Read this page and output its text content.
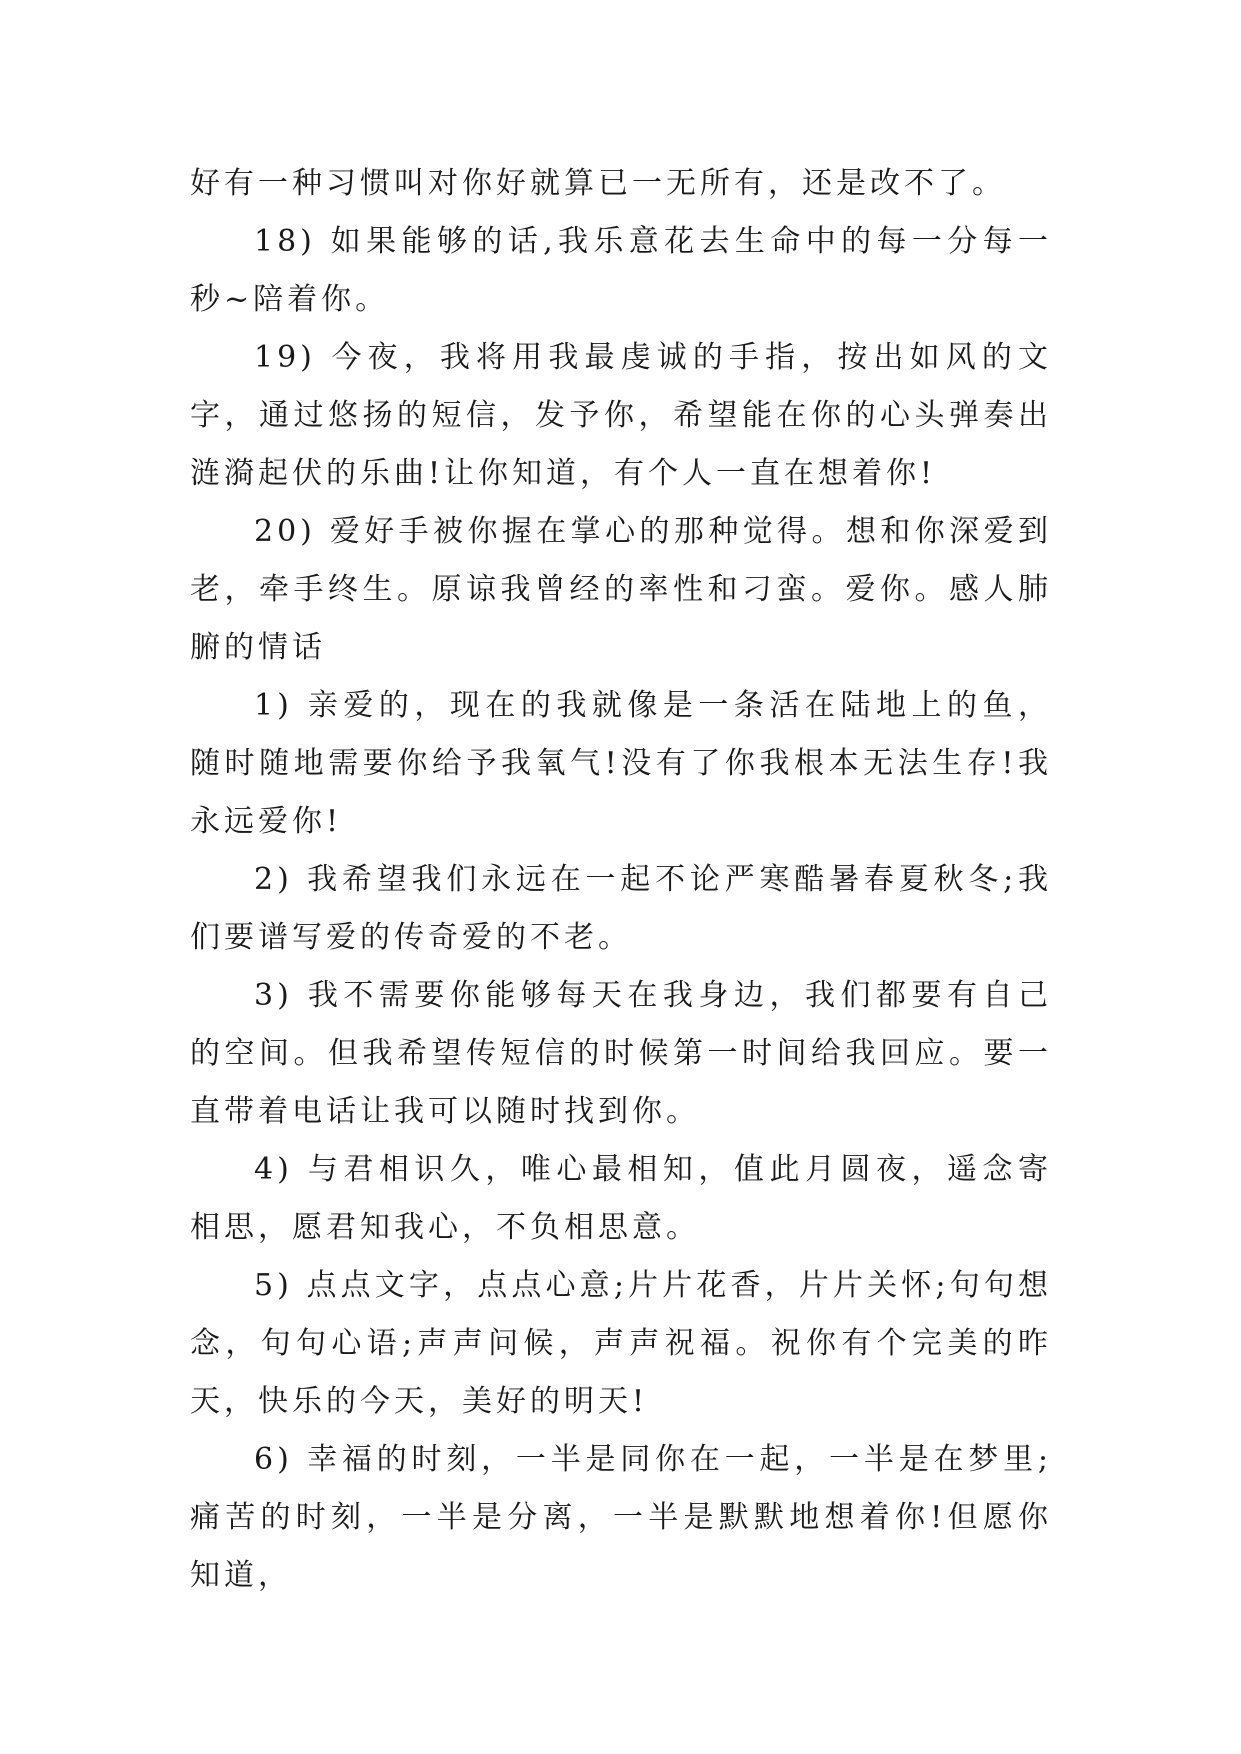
好有一种习惯叫对你好就算已一无所有，还是改不了。

18) 如果能够的话,我乐意花去生命中的每一分每一秒~陪着你。

19) 今夜，我将用我最虔诚的手指，按出如风的文字，通过悠扬的短信，发予你，希望能在你的心头弹奏出涟漪起伏的乐曲!让你知道，有个人一直在想着你!

20) 爱好手被你握在掌心的那种觉得。想和你深爱到老，牵手终生。原谅我曾经的率性和刁蛮。爱你。感人肺腑的情话

1) 亲爱的，现在的我就像是一条活在陆地上的鱼，随时随地需要你给予我氧气!没有了你我根本无法生存!我永远爱你!

2) 我希望我们永远在一起不论严寒酷暑春夏秋冬;我们要谱写爱的传奇爱的不老。

3) 我不需要你能够每天在我身边，我们都要有自己的空间。但我希望传短信的时候第一时间给我回应。要一直带着电话让我可以随时找到你。

4) 与君相识久，唯心最相知，值此月圆夜，遥念寄相思，愿君知我心，不负相思意。

5) 点点文字，点点心意;片片花香，片片关怀;句句想念，句句心语;声声问候，声声祝福。祝你有个完美的昨天，快乐的今天，美好的明天!

6) 幸福的时刻，一半是同你在一起，一半是在梦里;痛苦的时刻，一半是分离，一半是默默地想着你!但愿你知道，
